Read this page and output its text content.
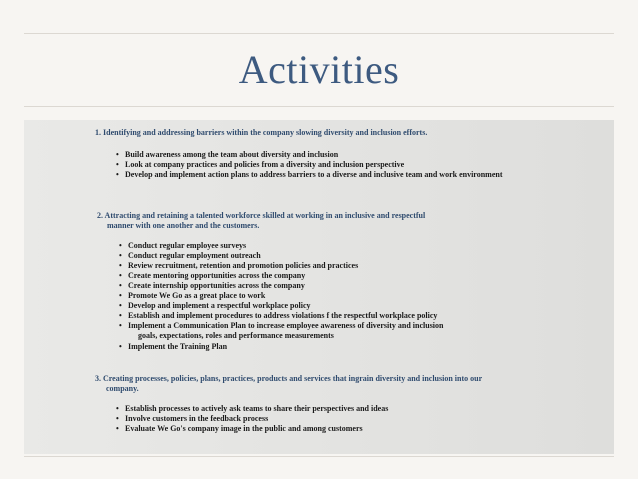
Activities
1. Identifying and addressing barriers within the company slowing diversity and inclusion efforts.
• Build awareness among the team about diversity and inclusion
• Look at company practices and policies from a diversity and inclusion perspective
• Develop and implement action plans to address barriers to a diverse and inclusive team and work environment
2. Attracting and retaining a talented workforce skilled at working in an inclusive and respectful
manner with one another and the customers.
• Conduct regular employee surveys
• Conduct regular employment outreach
• Review recruitment, retention and promotion policies and practices
• Create mentoring opportunities across the company
• Create internship opportunities across the company
• Promote We Go as a great place to work
• Develop and implement a respectful workplace policy
• Establish and implement procedures to address violations f the respectful workplace policy
• Implement a Communication Plan to increase employee awareness of diversity and inclusion
goals, expectations, roles and performance measurements
• Implement the Training Plan
3. Creating processes, policies, plans, practices, products and services that ingrain diversity and inclusion into our
company.
• Establish processes to actively ask teams to share their perspectives and ideas
• Involve customers in the feedback process
• Evaluate We Go's company image in the public and among customers
